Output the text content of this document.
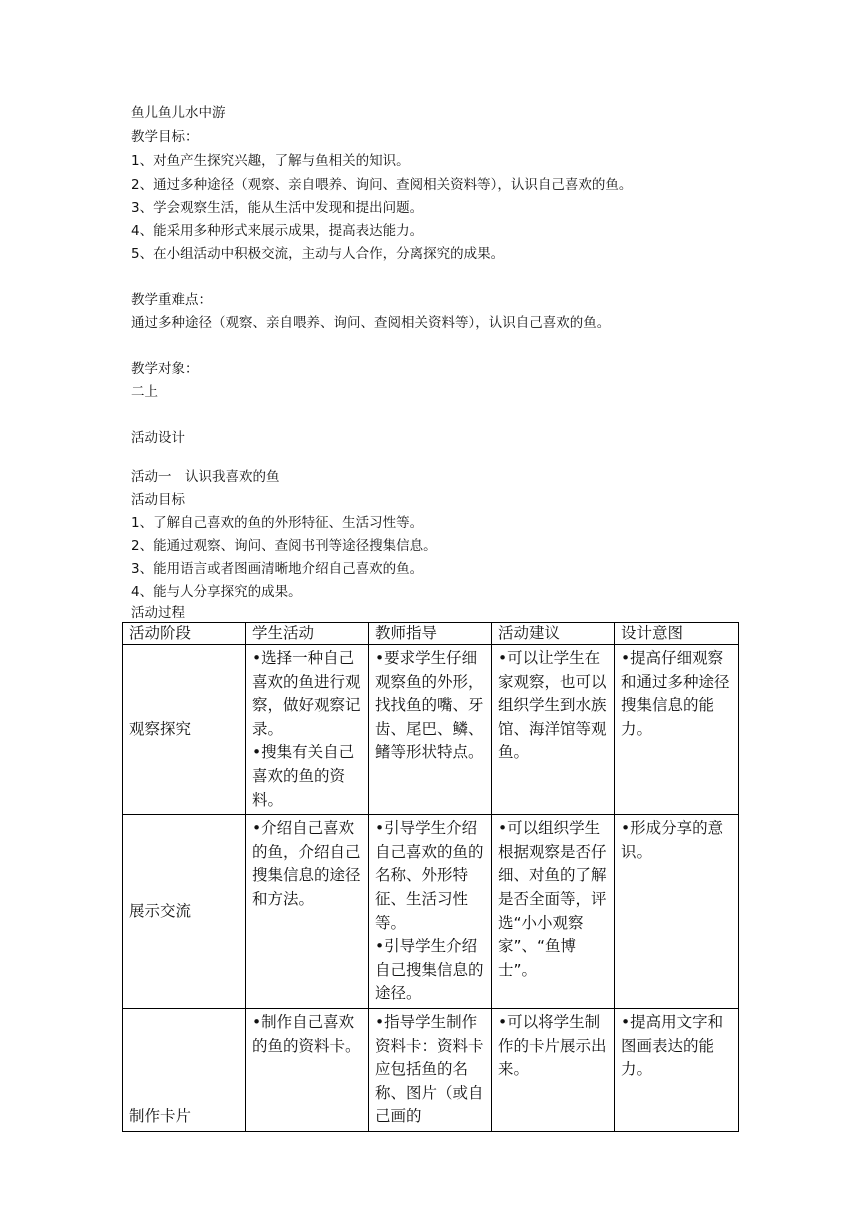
鱼儿鱼儿水中游
教学目标：
1、对鱼产生探究兴趣，了解与鱼相关的知识。
2、通过多种途径（观察、亲自喂养、询问、查阅相关资料等），认识自己喜欢的鱼。
3、学会观察生活，能从生活中发现和提出问题。
4、能采用多种形式来展示成果，提高表达能力。
5、在小组活动中积极交流，主动与人合作，分离探究的成果。
教学重难点：
通过多种途径（观察、亲自喂养、询问、查阅相关资料等），认识自己喜欢的鱼。
教学对象：
二上
活动设计
活动一　认识我喜欢的鱼
活动目标
1、了解自己喜欢的鱼的外形特征、生活习性等。
2、能通过观察、询问、查阅书刊等途径搜集信息。
3、能用语言或者图画清晰地介绍自己喜欢的鱼。
4、能与人分享探究的成果。
活动过程
活动阶段	学生活动	教师指导	活动建议	设计意图
观察探究	•选择一种自己喜欢的鱼进行观察，做好观察记录。
•搜集有关自己喜欢的鱼的资料。	•要求学生仔细观察鱼的外形，找找鱼的嘴、牙齿、尾巴、鳞、鳍等形状特点。	•可以让学生在家观察，也可以组织学生到水族馆、海洋馆等观鱼。	•提高仔细观察和通过多种途径搜集信息的能力。

展示交流	•介绍自己喜欢的鱼，介绍自己搜集信息的途径和方法。	•引导学生介绍自己喜欢的鱼的名称、外形特征、生活习性等。
•引导学生介绍自己搜集信息的途径。	•可以组织学生根据观察是否仔细、对鱼的了解是否全面等，评选“小小观察家”、“鱼博士”。	•形成分享的意识。

制作卡片	•制作自己喜欢的鱼的资料卡。	•指导学生制作资料卡：资料卡应包括鱼的名称、图片（或自己画的	•可以将学生制作的卡片展示出来。	•提高用文字和图画表达的能力。
